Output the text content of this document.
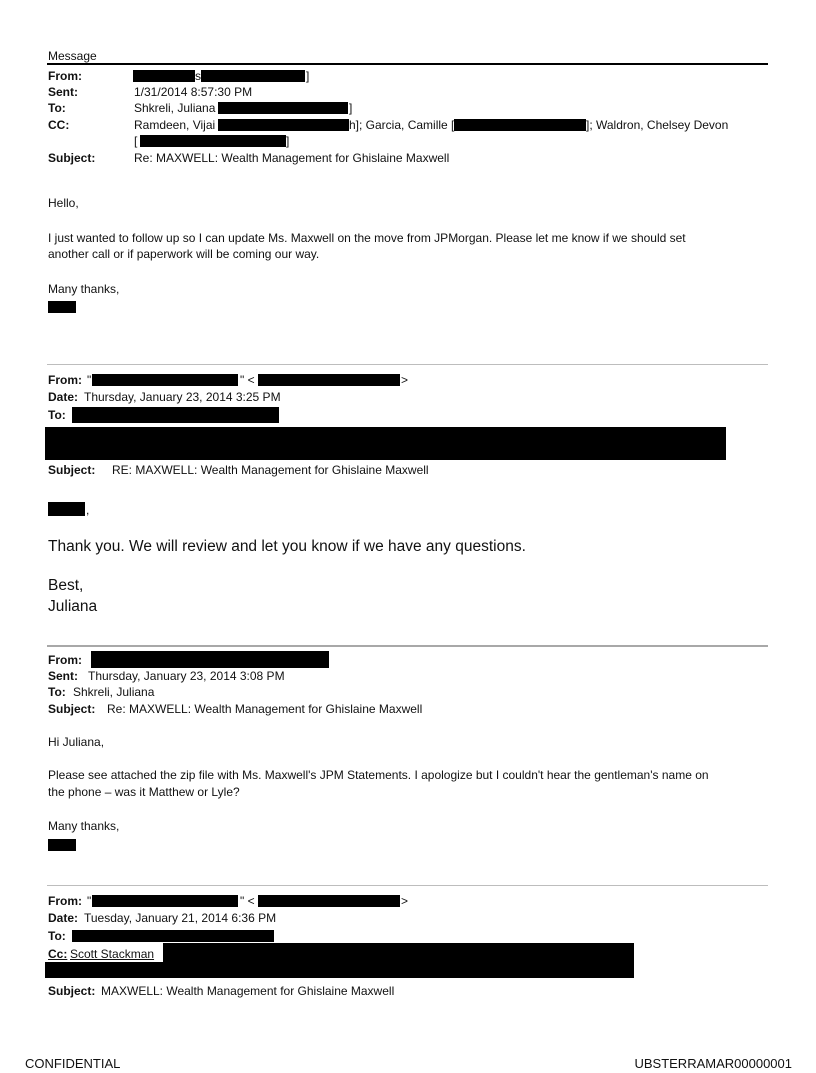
Message
From:	s	]
Sent:	1/31/2014 8:57:30 PM
To:	Shkreli, Juliana	]
CC:	Ramdeen, Vijai	h]; Garcia, Camille [	]; Waldron, Chelsey Devon
[	]
Subject:	Re: MAXWELL: Wealth Management for Ghislaine Maxwell
Hello,
I just wanted to follow up so I can update Ms. Maxwell on the move from JPMorgan. Please let me know if we should set
another call or if paperwork will be coming our way.
Many thanks,
From: "	" <	>
Date: Thursday, January 23, 2014 3:25 PM
To:
Subject: RE: MAXWELL: Wealth Management for Ghislaine Maxwell
,
Thank you. We will review and let you know if we have any questions.
Best,
Juliana
From:
Sent: Thursday, January 23, 2014 3:08 PM
To: Shkreli, Juliana
Subject: Re: MAXWELL: Wealth Management for Ghislaine Maxwell
Hi Juliana,
Please see attached the zip file with Ms. Maxwell's JPM Statements. I apologize but I couldn't hear the gentleman's name on
the phone – was it Matthew or Lyle?
Many thanks,
From: "	" <	>
Date: Tuesday, January 21, 2014 6:36 PM
To:
Cc: Scott Stackman
Subject: MAXWELL: Wealth Management for Ghislaine Maxwell
CONFIDENTIAL	UBSTERRAMAR00000001
